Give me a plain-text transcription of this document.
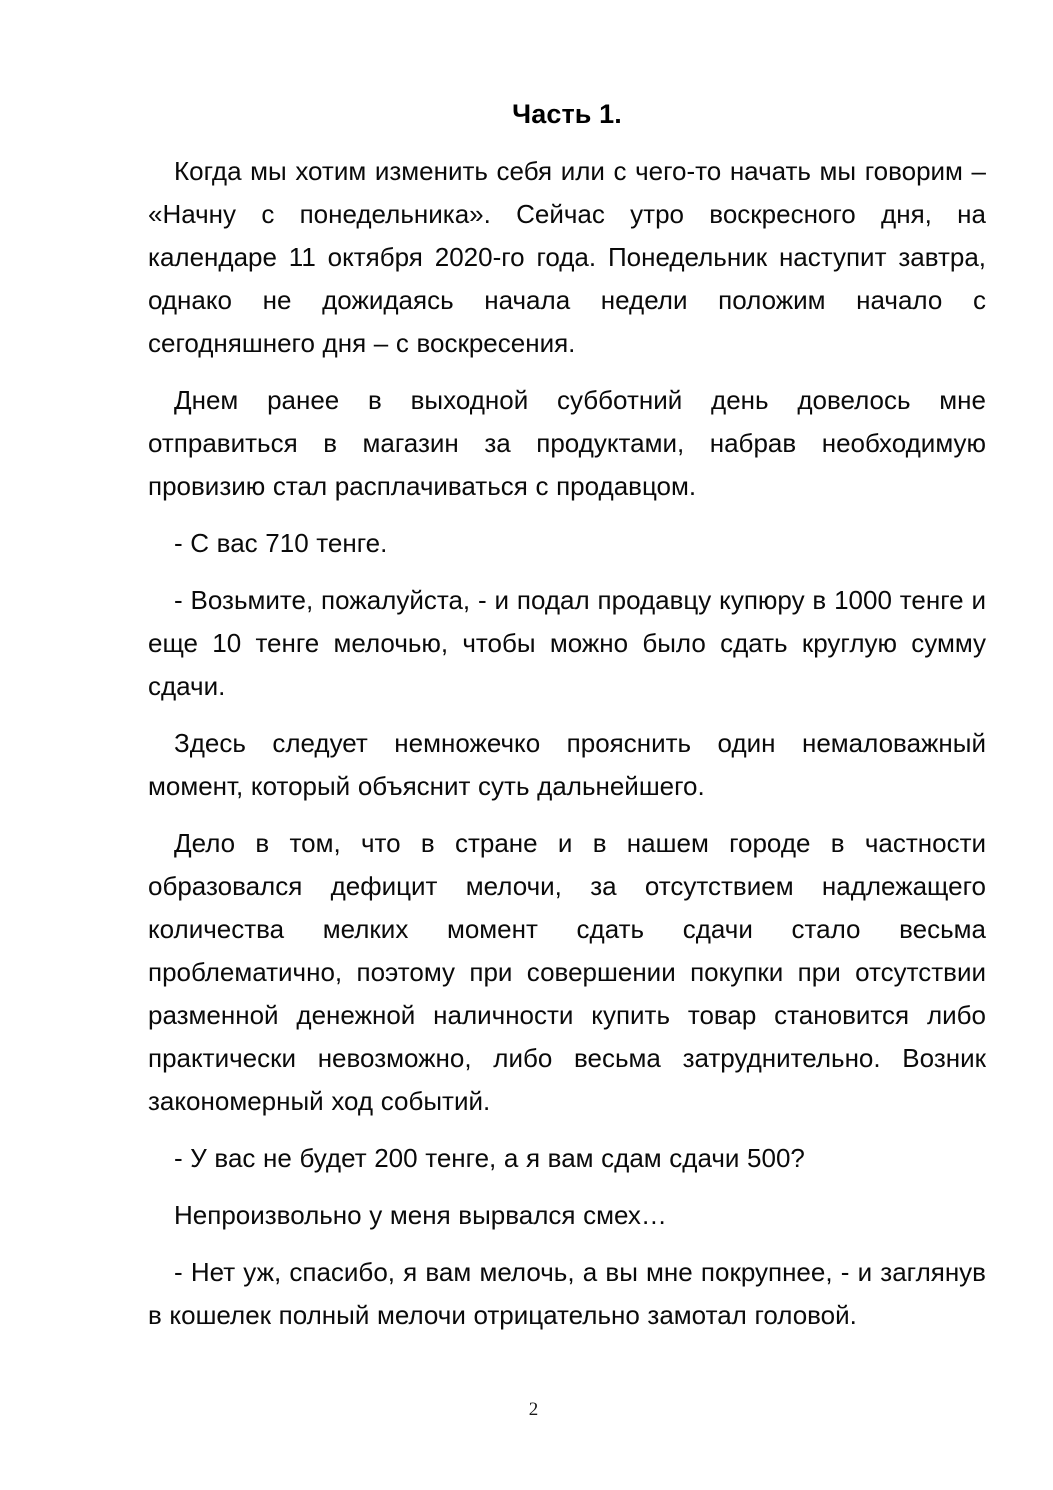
Часть 1.

Когда мы хотим изменить себя или с чего-то начать мы говорим – «Начну с понедельника». Сейчас утро воскресного дня, на календаре 11 октября 2020-го года. Понедельник наступит завтра, однако не дожидаясь начала недели положим начало с сегодняшнего дня – с воскресения.

Днем ранее в выходной субботний день довелось мне отправиться в магазин за продуктами, набрав необходимую провизию стал расплачиваться с продавцом.

- С вас 710 тенге.

- Возьмите, пожалуйста, - и подал продавцу купюру в 1000 тенге и еще 10 тенге мелочью, чтобы можно было сдать круглую сумму сдачи.

Здесь следует немножечко прояснить один немаловажный момент, который объяснит суть дальнейшего.

Дело в том, что в стране и в нашем городе в частности образовался дефицит мелочи, за отсутствием надлежащего количества мелких момент сдать сдачи стало весьма проблематично, поэтому при совершении покупки при отсутствии разменной денежной наличности купить товар становится либо практически невозможно, либо весьма затруднительно. Возник закономерный ход событий.

- У вас не будет 200 тенге, а я вам сдам сдачи 500?

Непроизвольно у меня вырвался смех…

- Нет уж, спасибо, я вам мелочь, а вы мне покрупнее, - и заглянув в кошелек полный мелочи отрицательно замотал головой.

2
